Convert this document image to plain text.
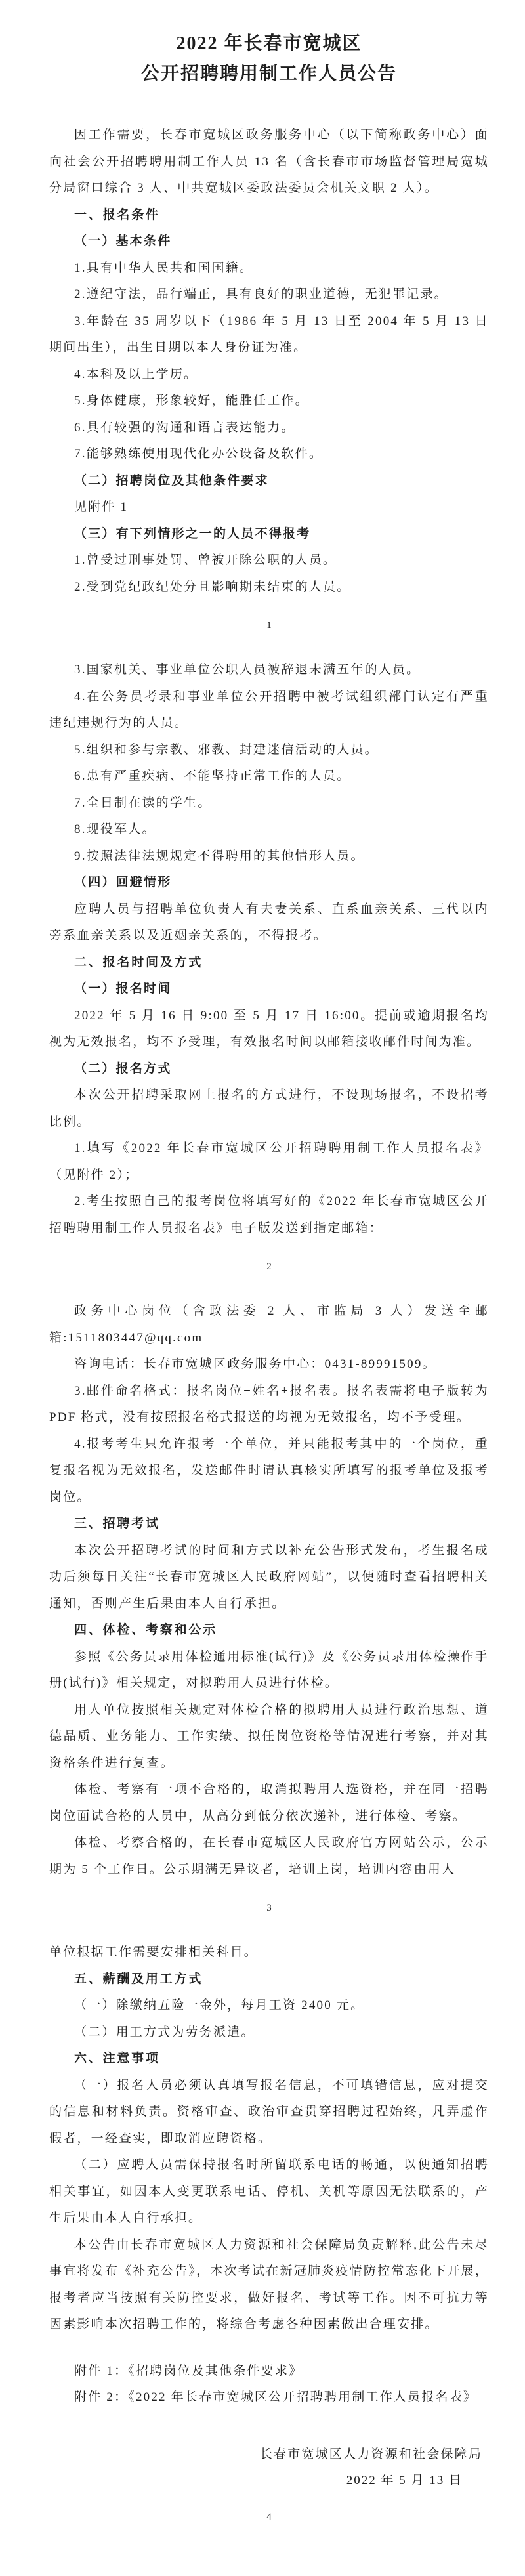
2022 年长春市宽城区
公开招聘聘用制工作人员公告
因工作需要，长春市宽城区政务服务中心（以下简称政务中心）面向社会公开招聘聘用制工作人员 13 名（含长春市市场监督管理局宽城分局窗口综合 3 人、中共宽城区委政法委员会机关文职 2 人）。
一、报名条件
（一）基本条件
1.具有中华人民共和国国籍。
2.遵纪守法，品行端正，具有良好的职业道德，无犯罪记录。
3.年龄在 35 周岁以下（1986 年 5 月 13 日至 2004 年 5 月 13 日期间出生），出生日期以本人身份证为准。
4.本科及以上学历。
5.身体健康，形象较好，能胜任工作。
6.具有较强的沟通和语言表达能力。
7.能够熟练使用现代化办公设备及软件。
（二）招聘岗位及其他条件要求
见附件 1
（三）有下列情形之一的人员不得报考
1.曾受过刑事处罚、曾被开除公职的人员。
2.受到党纪政纪处分且影响期未结束的人员。
1
3.国家机关、事业单位公职人员被辞退未满五年的人员。
4.在公务员考录和事业单位公开招聘中被考试组织部门认定有严重违纪违规行为的人员。
5.组织和参与宗教、邪教、封建迷信活动的人员。
6.患有严重疾病、不能坚持正常工作的人员。
7.全日制在读的学生。
8.现役军人。
9.按照法律法规规定不得聘用的其他情形人员。
（四）回避情形
应聘人员与招聘单位负责人有夫妻关系、直系血亲关系、三代以内旁系血亲关系以及近姻亲关系的，不得报考。
二、报名时间及方式
（一）报名时间
2022 年 5 月 16 日 9:00 至 5 月 17 日 16:00。提前或逾期报名均视为无效报名，均不予受理，有效报名时间以邮箱接收邮件时间为准。
（二）报名方式
本次公开招聘采取网上报名的方式进行，不设现场报名，不设招考比例。
1.填写《2022 年长春市宽城区公开招聘聘用制工作人员报名表》（见附件 2）；
2.考生按照自己的报考岗位将填写好的《2022 年长春市宽城区公开招聘聘用制工作人员报名表》电子版发送到指定邮箱：
2
政务中心岗位（含政法委 2 人、市监局 3 人）发送至邮箱:1511803447@qq.com
咨询电话：长春市宽城区政务服务中心：0431-89991509。
3.邮件命名格式：报名岗位+姓名+报名表。报名表需将电子版转为 PDF 格式，没有按照报名格式报送的均视为无效报名，均不予受理。
4.报考考生只允许报考一个单位，并只能报考其中的一个岗位，重复报名视为无效报名，发送邮件时请认真核实所填写的报考单位及报考岗位。
三、招聘考试
本次公开招聘考试的时间和方式以补充公告形式发布，考生报名成功后须每日关注“长春市宽城区人民政府网站”，以便随时查看招聘相关通知，否则产生后果由本人自行承担。
四、体检、考察和公示
参照《公务员录用体检通用标准(试行)》及《公务员录用体检操作手册(试行)》相关规定，对拟聘用人员进行体检。
用人单位按照相关规定对体检合格的拟聘用人员进行政治思想、道德品质、业务能力、工作实绩、拟任岗位资格等情况进行考察，并对其资格条件进行复查。
体检、考察有一项不合格的，取消拟聘用人选资格，并在同一招聘岗位面试合格的人员中，从高分到低分依次递补，进行体检、考察。
体检、考察合格的，在长春市宽城区人民政府官方网站公示，公示期为 5 个工作日。公示期满无异议者，培训上岗，培训内容由用人
3
单位根据工作需要安排相关科目。
五、薪酬及用工方式
（一）除缴纳五险一金外，每月工资 2400 元。
（二）用工方式为劳务派遣。
六、注意事项
（一）报名人员必须认真填写报名信息，不可填错信息，应对提交的信息和材料负责。资格审查、政治审查贯穿招聘过程始终，凡弄虚作假者，一经查实，即取消应聘资格。
（二）应聘人员需保持报名时所留联系电话的畅通，以便通知招聘相关事宜，如因本人变更联系电话、停机、关机等原因无法联系的，产生后果由本人自行承担。
本公告由长春市宽城区人力资源和社会保障局负责解释,此公告未尽事宜将发布《补充公告》，本次考试在新冠肺炎疫情防控常态化下开展，报考者应当按照有关防控要求，做好报名、考试等工作。因不可抗力等因素影响本次招聘工作的，将综合考虑各种因素做出合理安排。
附件 1：《招聘岗位及其他条件要求》
附件 2：《2022 年长春市宽城区公开招聘聘用制工作人员报名表》
长春市宽城区人力资源和社会保障局
2022 年 5 月 13 日
4
